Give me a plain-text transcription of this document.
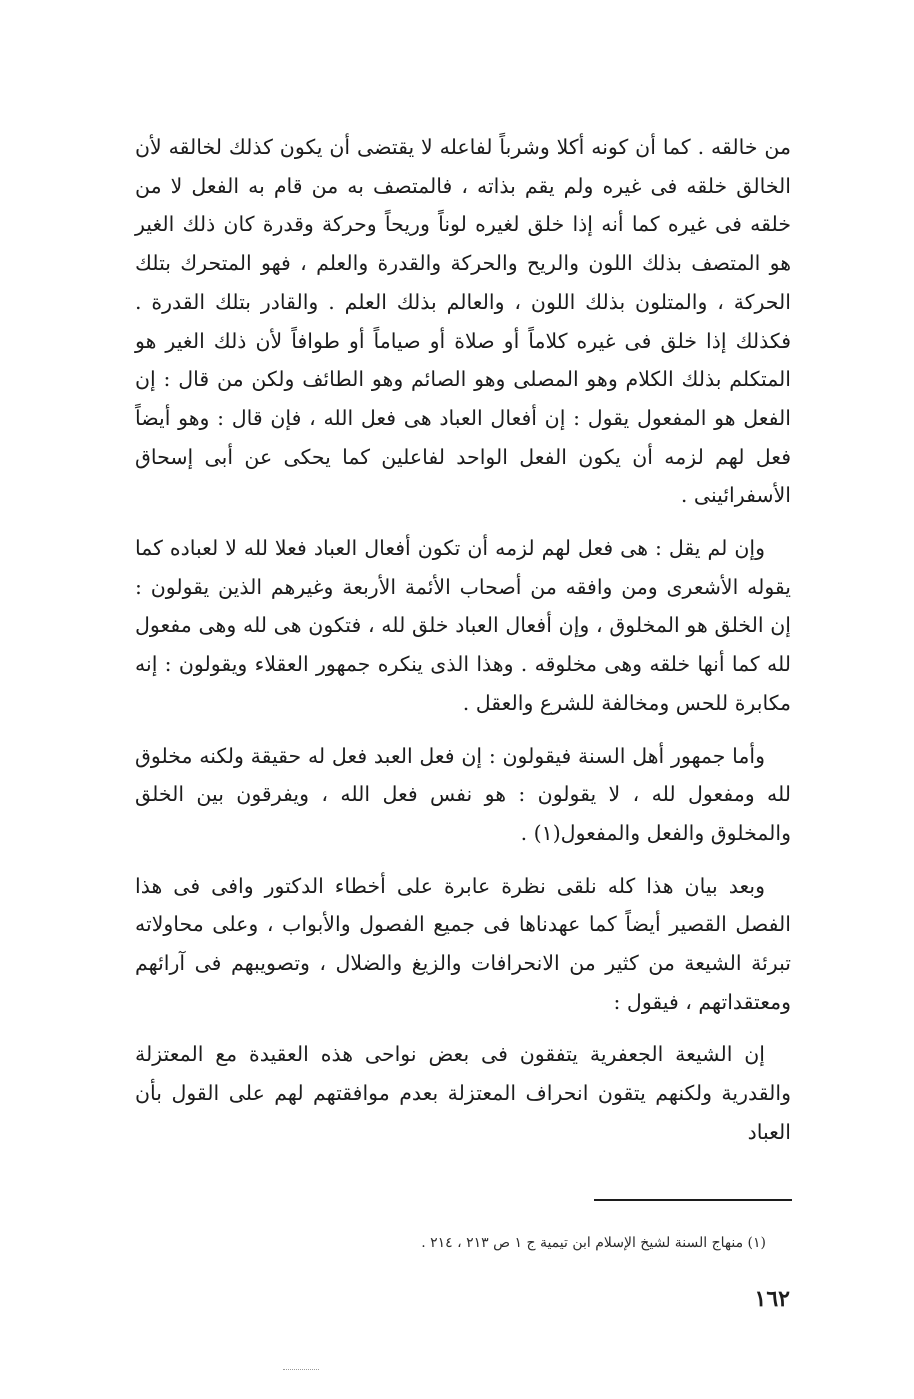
من خالقه . كما أن كونه أكلا وشرباً لفاعله لا يقتضى أن يكون كذلك لخالقه لأن الخالق خلقه فى غيره ولم يقم بذاته ، فالمتصف به من قام به الفعل لا من خلقه فى غيره كما أنه إذا خلق لغيره لوناً وريحاً وحركة وقدرة كان ذلك الغير هو المتصف بذلك اللون والريح والحركة والقدرة والعلم ، فهو المتحرك بتلك الحركة ، والمتلون بذلك اللون ، والعالم بذلك العلم . والقادر بتلك القدرة . فكذلك إذا خلق فى غيره كلاماً أو صلاة أو صياماً أو طوافاً لأن ذلك الغير هو المتكلم بذلك الكلام وهو المصلى وهو الصائم وهو الطائف ولكن من قال : إن الفعل هو المفعول يقول : إن أفعال العباد هى فعل الله ، فإن قال : وهو أيضاً فعل لهم لزمه أن يكون الفعل الواحد لفاعلين كما يحكى عن أبى إسحاق الأسفرائينى .

وإن لم يقل : هى فعل لهم لزمه أن تكون أفعال العباد فعلا لله لا لعباده كما يقوله الأشعرى ومن وافقه من أصحاب الأئمة الأربعة وغيرهم الذين يقولون : إن الخلق هو المخلوق ، وإن أفعال العباد خلق لله ، فتكون هى لله وهى مفعول لله كما أنها خلقه وهى مخلوقه . وهذا الذى ينكره جمهور العقلاء ويقولون : إنه مكابرة للحس ومخالفة للشرع والعقل .

وأما جمهور أهل السنة فيقولون : إن فعل العبد فعل له حقيقة ولكنه مخلوق لله ومفعول لله ، لا يقولون : هو نفس فعل الله ، ويفرقون بين الخلق والمخلوق والفعل والمفعول(١) .

وبعد بيان هذا كله نلقى نظرة عابرة على أخطاء الدكتور وافى فى هذا الفصل القصير أيضاً كما عهدناها فى جميع الفصول والأبواب ، وعلى محاولاته تبرئة الشيعة من كثير من الانحرافات والزيغ والضلال ، وتصويبهم فى آرائهم ومعتقداتهم ، فيقول :

إن الشيعة الجعفرية يتفقون فى بعض نواحى هذه العقيدة مع المعتزلة والقدرية ولكنهم يتقون انحراف المعتزلة بعدم موافقتهم لهم على القول بأن العباد

(١) منهاج السنة لشيخ الإسلام ابن تيمية ج ١ ص ٢١٣ ، ٢١٤ .
١٦٢
